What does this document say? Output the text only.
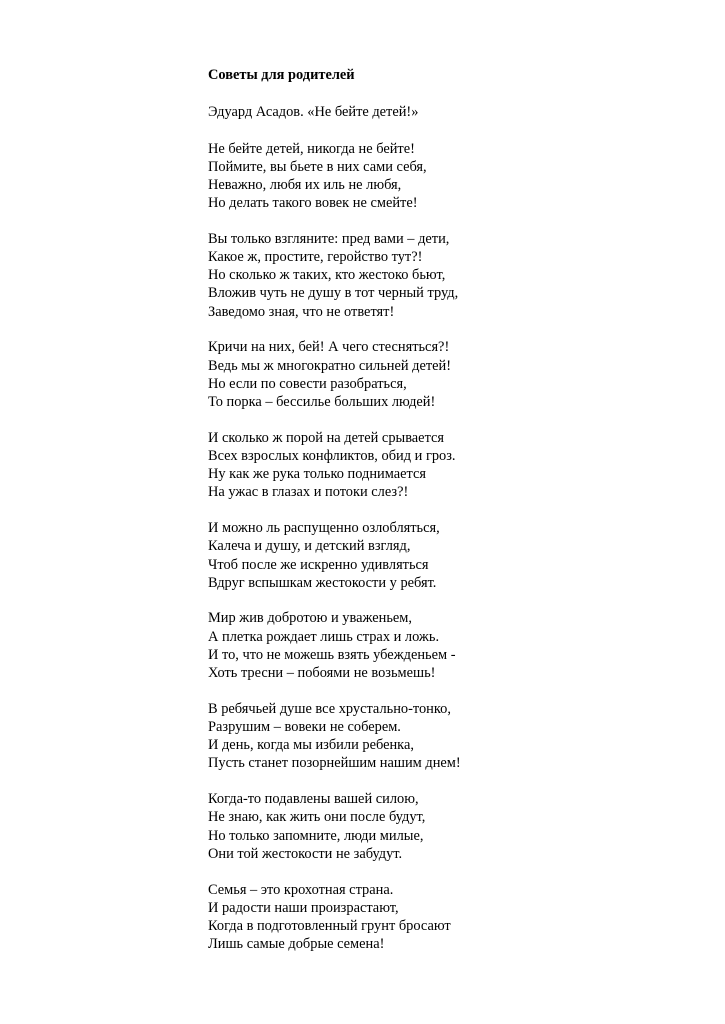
Советы для родителей

Эдуард Асадов. «Не бейте детей!»

Не бейте детей, никогда не бейте!
Поймите, вы бьете в них сами себя,
Неважно, любя их иль не любя,
Но делать такого вовек не смейте!
Вы только взгляните: пред вами – дети,
Какое ж, простите, геройство тут?!
Но сколько ж таких, кто жестоко бьют,
Вложив чуть не душу в тот черный труд,
Заведомо зная, что не ответят!
Кричи на них, бей! А чего стесняться?!
Ведь мы ж многократно сильней детей!
Но если по совести разобраться,
То порка – бессилье больших людей!
И сколько ж порой на детей срывается
Всех взрослых конфликтов, обид и гроз.
Ну как же рука только поднимается
На ужас в глазах и потоки слез?!
И можно ль распущенно озлобляться,
Калеча и душу, и детский взгляд,
Чтоб после же искренно удивляться
Вдруг вспышкам жестокости у ребят.
Мир жив добротою и уваженьем,
А плетка рождает лишь страх и ложь.
И то, что не можешь взять убежденьем -
Хоть тресни – побоями не возьмешь!
В ребячьей душе все хрустально-тонко,
Разрушим – вовеки не соберем.
И день, когда мы избили ребенка,
Пусть станет позорнейшим нашим днем!
Когда-то подавлены вашей силою,
Не знаю, как жить они после будут,
Но только запомните, люди милые,
Они той жестокости не забудут.
Семья – это крохотная страна.
И радости наши произрастают,
Когда в подготовленный грунт бросают
Лишь самые добрые семена!
